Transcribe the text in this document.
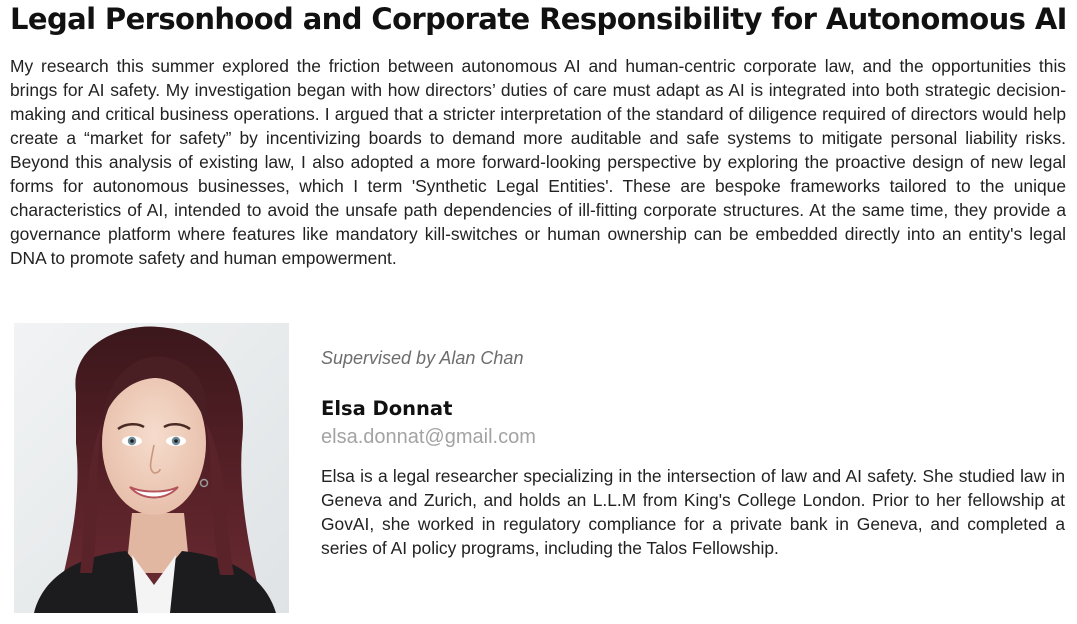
Legal Personhood and Corporate Responsibility for Autonomous AI

My research this summer explored the friction between autonomous AI and human-centric corporate law, and the opportunities this brings for AI safety. My investigation began with how directors’ duties of care must adapt as AI is integrated into both strategic decision-making and critical business operations. I argued that a stricter interpretation of the standard of diligence required of directors would help create a “market for safety” by incentivizing boards to demand more auditable and safe systems to mitigate personal liability risks. Beyond this analysis of existing law, I also adopted a more forward-looking perspective by exploring the proactive design of new legal forms for autonomous businesses, which I term 'Synthetic Legal Entities'. These are bespoke frameworks tailored to the unique characteristics of AI, intended to avoid the unsafe path dependencies of ill-fitting corporate structures. At the same time, they provide a governance platform where features like mandatory kill-switches or human ownership can be embedded directly into an entity's legal DNA to promote safety and human empowerment.

Supervised by Alan Chan

Elsa Donnat

elsa.donnat@gmail.com

Elsa is a legal researcher specializing in the intersection of law and AI safety. She studied law in Geneva and Zurich, and holds an L.L.M from King's College London. Prior to her fellowship at GovAI, she worked in regulatory compliance for a private bank in Geneva, and completed a series of AI policy programs, including the Talos Fellowship.
